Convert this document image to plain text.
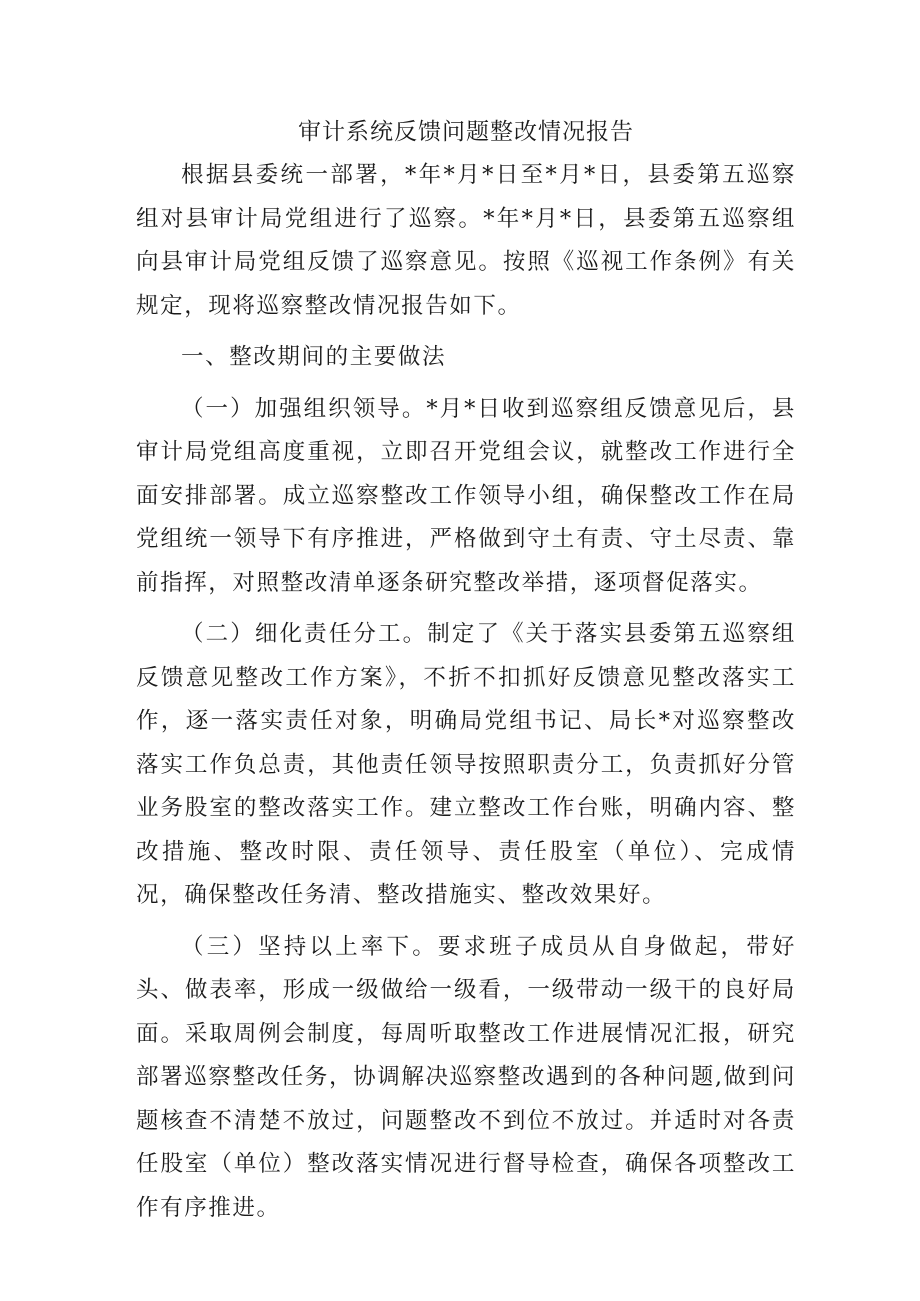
审计系统反馈问题整改情况报告

根据县委统一部署，*年*月*日至*月*日，县委第五巡察组对县审计局党组进行了巡察。*年*月*日，县委第五巡察组向县审计局党组反馈了巡察意见。按照《巡视工作条例》有关规定，现将巡察整改情况报告如下。

一、整改期间的主要做法

（一）加强组织领导。*月*日收到巡察组反馈意见后，县审计局党组高度重视，立即召开党组会议，就整改工作进行全面安排部署。成立巡察整改工作领导小组，确保整改工作在局党组统一领导下有序推进，严格做到守土有责、守土尽责、靠前指挥，对照整改清单逐条研究整改举措，逐项督促落实。

（二）细化责任分工。制定了《关于落实县委第五巡察组反馈意见整改工作方案》，不折不扣抓好反馈意见整改落实工作，逐一落实责任对象，明确局党组书记、局长*对巡察整改落实工作负总责，其他责任领导按照职责分工，负责抓好分管业务股室的整改落实工作。建立整改工作台账，明确内容、整改措施、整改时限、责任领导、责任股室（单位）、完成情况，确保整改任务清、整改措施实、整改效果好。

（三）坚持以上率下。要求班子成员从自身做起，带好头、做表率，形成一级做给一级看，一级带动一级干的良好局面。采取周例会制度，每周听取整改工作进展情况汇报，研究部署巡察整改任务，协调解决巡察整改遇到的各种问题,做到问题核查不清楚不放过，问题整改不到位不放过。并适时对各责任股室（单位）整改落实情况进行督导检查，确保各项整改工作有序推进。
